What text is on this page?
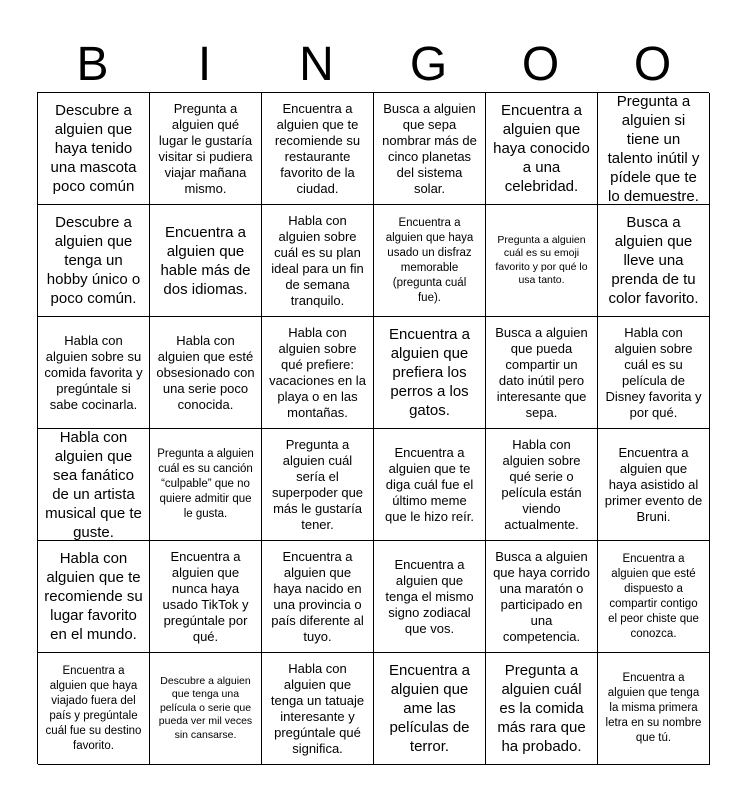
B	I	N	G	O	O
Descubre a alguien que haya tenido una mascota poco común
Pregunta a alguien qué lugar le gustaría visitar si pudiera viajar mañana mismo.
Encuentra a alguien que te recomiende su restaurante favorito de la ciudad.
Busca a alguien que sepa nombrar más de cinco planetas del sistema solar.
Encuentra a alguien que haya conocido a una celebridad.
Pregunta a alguien si tiene un talento inútil y pídele que te lo demuestre.
Descubre a alguien que tenga un hobby único o poco común.
Encuentra a alguien que hable más de dos idiomas.
Habla con alguien sobre cuál es su plan ideal para un fin de semana tranquilo.
Encuentra a alguien que haya usado un disfraz memorable (pregunta cuál fue).
Pregunta a alguien cuál es su emoji favorito y por qué lo usa tanto.
Busca a alguien que lleve una prenda de tu color favorito.
Habla con alguien sobre su comida favorita y pregúntale si sabe cocinarla.
Habla con alguien que esté obsesionado con una serie poco conocida.
Habla con alguien sobre qué prefiere: vacaciones en la playa o en las montañas.
Encuentra a alguien que prefiera los perros a los gatos.
Busca a alguien que pueda compartir un dato inútil pero interesante que sepa.
Habla con alguien sobre cuál es su película de Disney favorita y por qué.
Habla con alguien que sea fanático de un artista musical que te guste.
Pregunta a alguien cuál es su canción “culpable” que no quiere admitir que le gusta.
Pregunta a alguien cuál sería el superpoder que más le gustaría tener.
Encuentra a alguien que te diga cuál fue el último meme que le hizo reír.
Habla con alguien sobre qué serie o película están viendo actualmente.
Encuentra a alguien que haya asistido al primer evento de Bruni.
Habla con alguien que te recomiende su lugar favorito en el mundo.
Encuentra a alguien que nunca haya usado TikTok y pregúntale por qué.
Encuentra a alguien que haya nacido en una provincia o país diferente al tuyo.
Encuentra a alguien que tenga el mismo signo zodiacal que vos.
Busca a alguien que haya corrido una maratón o participado en una competencia.
Encuentra a alguien que esté dispuesto a compartir contigo el peor chiste que conozca.
Encuentra a alguien que haya viajado fuera del país y pregúntale cuál fue su destino favorito.
Descubre a alguien que tenga una película o serie que pueda ver mil veces sin cansarse.
Habla con alguien que tenga un tatuaje interesante y pregúntale qué significa.
Encuentra a alguien que ame las películas de terror.
Pregunta a alguien cuál es la comida más rara que ha probado.
Encuentra a alguien que tenga la misma primera letra en su nombre que tú.
